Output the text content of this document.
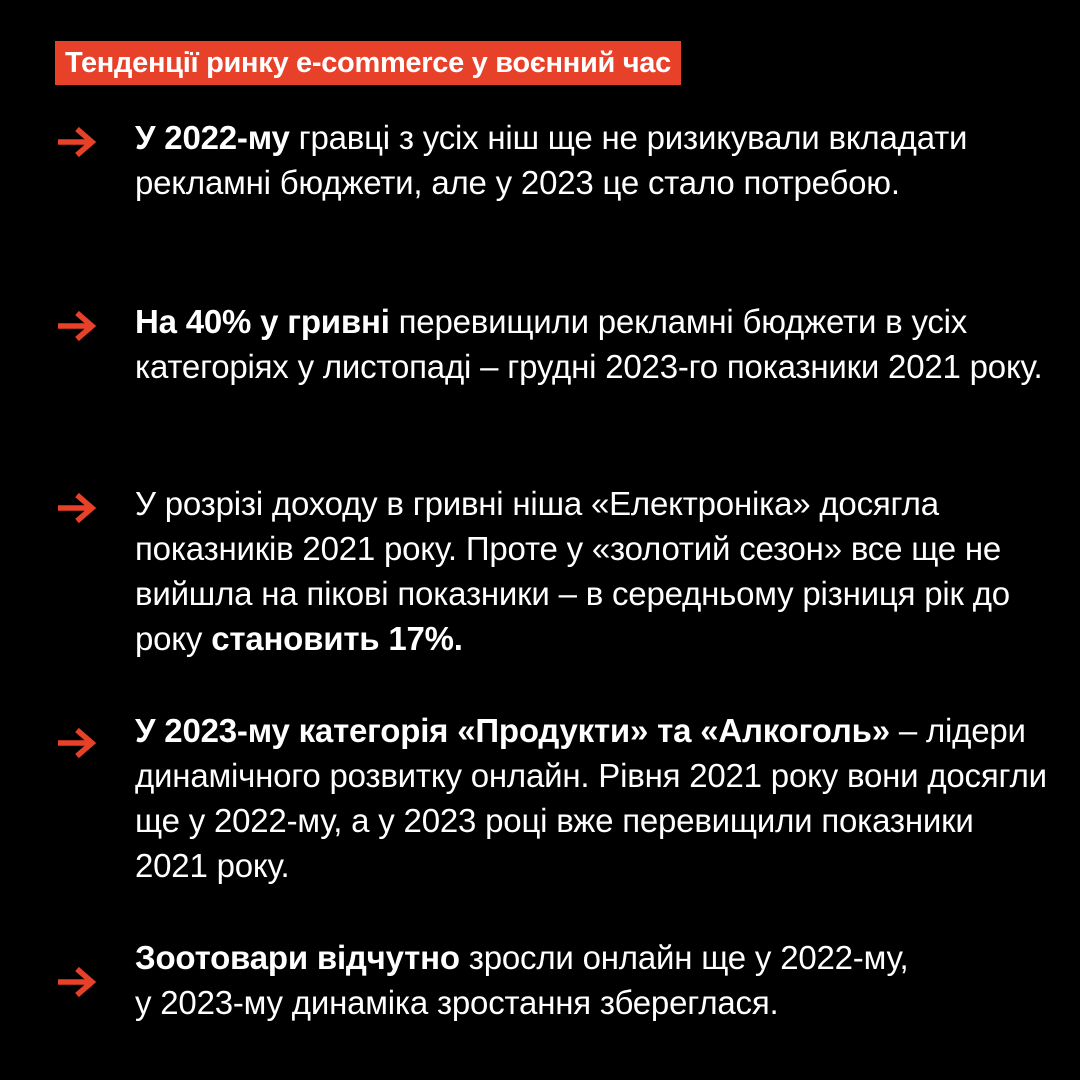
Тенденції ринку e-commerce у воєнний час
У 2022-му гравці з усіх ніш ще не ризикували вкладати рекламні бюджети, але у 2023 це стало потребою.
На 40% у гривні перевищили рекламні бюджети в усіх категоріях у листопаді – грудні 2023-го показники 2021 року.
У розрізі доходу в гривні ніша «Електроніка» досягла показників 2021 року. Проте у «золотий сезон» все ще не вийшла на пікові показники – в середньому різниця рік до року становить 17%.
У 2023-му категорія «Продукти» та «Алкоголь» – лідери динамічного розвитку онлайн. Рівня 2021 року вони досягли ще у 2022-му, а у 2023 році вже перевищили показники 2021 року.
Зоотовари відчутно зросли онлайн ще у 2022-му,
у 2023-му динаміка зростання збереглася.
